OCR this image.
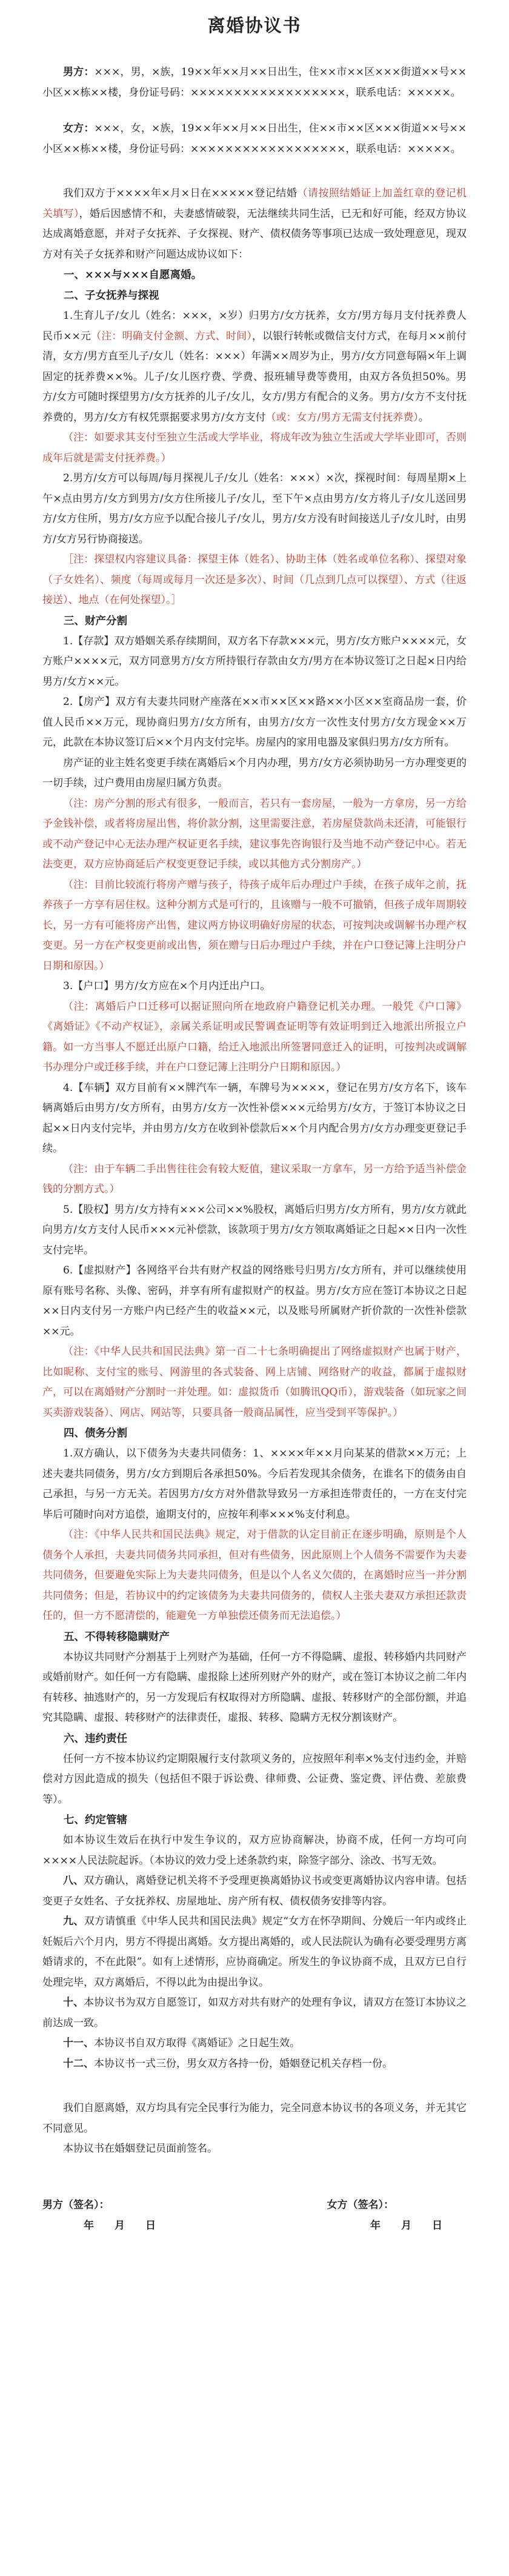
离婚协议书

男方：×××，男，×族，19××年××月××日出生，住××市××区×××街道××号××小区××栋××楼，身份证号码：××××××××××××××××××，联系电话：×××××。

女方：×××，女，×族，19××年××月××日出生，住××市××区×××街道××号××小区××栋××楼，身份证号码：××××××××××××××××××，联系电话：×××××。

我们双方于××××年×月×日在×××××登记结婚（请按照结婚证上加盖红章的登记机关填写），婚后因感情不和，夫妻感情破裂，无法继续共同生活，已无和好可能，经双方协议达成离婚意愿，并对子女抚养、子女探视、财产、债权债务等事项已达成一致处理意见，现双方对有关子女抚养和财产问题达成协议如下：

一、×××与×××自愿离婚。

二、子女抚养与探视

1.生育儿子/女儿（姓名：×××，×岁）归男方/女方抚养，女方/男方每月支付抚养费人民币××元（注：明确支付金额、方式、时间），以银行转帐或微信支付方式，在每月××前付清，女方/男方直至儿子/女儿（姓名：×××）年满××周岁为止，男方/女方同意每隔×年上调固定的抚养费××%。儿子/女儿医疗费、学费、报班辅导费等费用，由双方各负担50%。男方/女方可随时探望男方/女方抚养的儿子/女儿，女方/男方有配合的义务。男方/女方不支付抚养费的，男方/女方有权凭票据要求男方/女方支付（或：女方/男方无需支付抚养费）。

（注：如要求其支付至独立生活或大学毕业，将成年改为独立生活或大学毕业即可，否则成年后就是需支付抚养费。）

2.男方/女方可以每周/每月探视儿子/女儿（姓名：×××）×次，探视时间：每周星期×上午×点由男方/女方到男方/女方住所接儿子/女儿，至下午×点由男方/女方将儿子/女儿送回男方/女方住所，男方/女方应予以配合接儿子/女儿，男方/女方没有时间接送儿子/女儿时，由男方/女方另行协商接送。

［注：探望权内容建议具备：探望主体（姓名）、协助主体（姓名或单位名称）、探望对象（子女姓名）、频度（每周或每月一次还是多次）、时间（几点到几点可以探望）、方式（往返接送）、地点（在何处探望）。］

三、财产分割

1.【存款】双方婚姻关系存续期间，双方名下存款×××元，男方/女方账户××××元，女方账户××××元，双方同意男方/女方所持银行存款由女方/男方在本协议签订之日起×日内给男方/女方××元。

2.【房产】双方有夫妻共同财产座落在××市××区××路××小区××室商品房一套，价值人民币××万元，现协商归男方/女方所有，由男方/女方一次性支付男方/女方现金××万元，此款在本协议签订后××个月内支付完毕。房屋内的家用电器及家俱归男方/女方所有。

房产证的业主姓名变更手续在离婚后×个月内办理，男方/女方必须协助另一方办理变更的一切手续，过户费用由房屋归属方负责。

（注：房产分割的形式有很多，一般而言，若只有一套房屋，一般为一方拿房，另一方给予金钱补偿，或者将房屋出售，将价款分割，这里需要注意，若房屋贷款尚未还清，可能银行或不动产登记中心无法办理产权证更名手续，建议事先咨询银行及当地不动产登记中心。若无法变更，双方应协商延后产权变更登记手续，或以其他方式分割房产。）

（注：目前比较流行将房产赠与孩子，待孩子成年后办理过户手续，在孩子成年之前，抚养孩子一方享有居住权。这种分割方式是可行的，且该赠与一般不可撤销，但孩子成年周期较长，另一方有可能将房产出售，建议两方协议明确好房屋的状态，可按判决或调解书办理产权变更。另一方在产权变更前或出售，须在赠与日后办理过户手续，并在户口登记簿上注明分户日期和原因。）

3.【户口】男方/女方应在×个月内迁出户口。

（注：离婚后户口迁移可以据证照向所在地政府户籍登记机关办理。一般凭《户口簿》《离婚证》《不动产权证》，亲属关系证明或民警调查证明等有效证明到迁入地派出所报立户籍。如一方当事人不愿迁出原户口籍，给迁入地派出所签署同意迁入的证明，可按判决或调解书办理分户或迁移手续，并在户口登记簿上注明分户日期和原因。）

4.【车辆】双方目前有××牌汽车一辆，车牌号为××××，登记在男方/女方名下，该车辆离婚后由男方/女方所有，由男方/女方一次性补偿×××元给男方/女方，于签订本协议之日起××日内支付完毕，并由男方/女方在收到补偿款后××个月内配合男方/女方办理变更登记手续。

（注：由于车辆二手出售往往会有较大贬值，建议采取一方拿车，另一方给予适当补偿金钱的分割方式。）

5.【股权】男方/女方持有×××公司××%股权，离婚后归男方/女方所有，男方/女方就此向男方/女方支付人民币×××元补偿款，该款项于男方/女方领取离婚证之日起××日内一次性支付完毕。

6.【虚拟财产】各网络平台共有财产权益的网络账号归男方/女方所有，并可以继续使用原有账号名称、头像、密码，并享有所有虚拟财产的权益。男方/女方应在签订本协议之日起××日内支付另一方账户内已经产生的收益××元，以及账号所属财产折价款的一次性补偿款××元。

（注：《中华人民共和国民法典》第一百二十七条明确提出了网络虚拟财产也属于财产，比如昵称、支付宝的账号、网游里的各式装备、网上店铺、网络财产的收益，都属于虚拟财产，可以在离婚财产分割时一并处理。如：虚拟货币（如腾讯QQ币），游戏装备（如玩家之间买卖游戏装备）、网店、网站等，只要具备一般商品属性，应当受到平等保护。）

四、债务分割

1.双方确认，以下债务为夫妻共同债务：1、××××年××月向某某的借款××万元；上述夫妻共同债务，男方/女方到期后各承担50%。今后若发现其余债务，在谁名下的债务由自己承担，与另一方无关。若因男方/女方对外借款导致另一方承担连带责任的，一方在支付完毕后可随时向对方追偿，逾期支付的，应按年利率×××%支付利息。

（注：《中华人民共和国民法典》规定，对于借款的认定目前正在逐步明确，原则是个人债务个人承担，夫妻共同债务共同承担，但对有些债务，因此原则上个人债务不需要作为夫妻共同债务，但要避免实际上为夫妻共同债务，但是以个人名义欠债的，在离婚时应当一并分割共同债务；但是，若协议中的约定该债务为夫妻共同债务的，债权人主张夫妻双方承担还款责任的，但一方不愿清偿的，能避免一方单独偿还债务而无法追偿。）

五、不得转移隐瞒财产

本协议共同财产分割基于上列财产为基础，任何一方不得隐瞒、虚报、转移婚内共同财产或婚前财产。如任何一方有隐瞒、虚报除上述所列财产外的财产，或在签订本协议之前二年内有转移、抽逃财产的，另一方发现后有权取得对方所隐瞒、虚报、转移财产的全部份额，并追究其隐瞒、虚报、转移财产的法律责任，虚报、转移、隐瞒方无权分割该财产。

六、违约责任

任何一方不按本协议约定期限履行支付款项义务的，应按照年利率×%支付违约金，并赔偿对方因此造成的损失（包括但不限于诉讼费、律师费、公证费、鉴定费、评估费、差旅费等）。

七、约定管辖

如本协议生效后在执行中发生争议的，双方应协商解决，协商不成，任何一方均可向××××人民法院起诉。（本协议的效力受上述条款约束，除签字部分、涂改、书写无效。

八、双方确认，离婚登记机关将不予受理更换离婚协议书或变更离婚协议内容申请。包括变更子女姓名、子女抚养权、房屋地址、房产所有权、债权债务安排等内容。

九、双方请慎重《中华人民共和国民法典》规定“女方在怀孕期间、分娩后一年内或终止妊娠后六个月内，男方不得提出离婚。女方提出离婚的，或人民法院认为确有必要受理男方离婚请求的，不在此限”。如有上述情形，应协商确定。所发生的争议协商不成，且双方已自行处理完毕，双方离婚后，不得以此为由提出争议。

十、本协议书为双方自愿签订，如双方对共有财产的处理有争议，请双方在签订本协议之前达成一致。

十一、本协议书自双方取得《离婚证》之日起生效。

十二、本协议书一式三份，男女双方各持一份，婚姻登记机关存档一份。

我们自愿离婚，双方均具有完全民事行为能力，完全同意本协议书的各项义务，并无其它不同意见。

本协议书在婚姻登记员面前签名。

男方（签名）：	女方（签名）：
年　　月　　日	年　　月　　日
